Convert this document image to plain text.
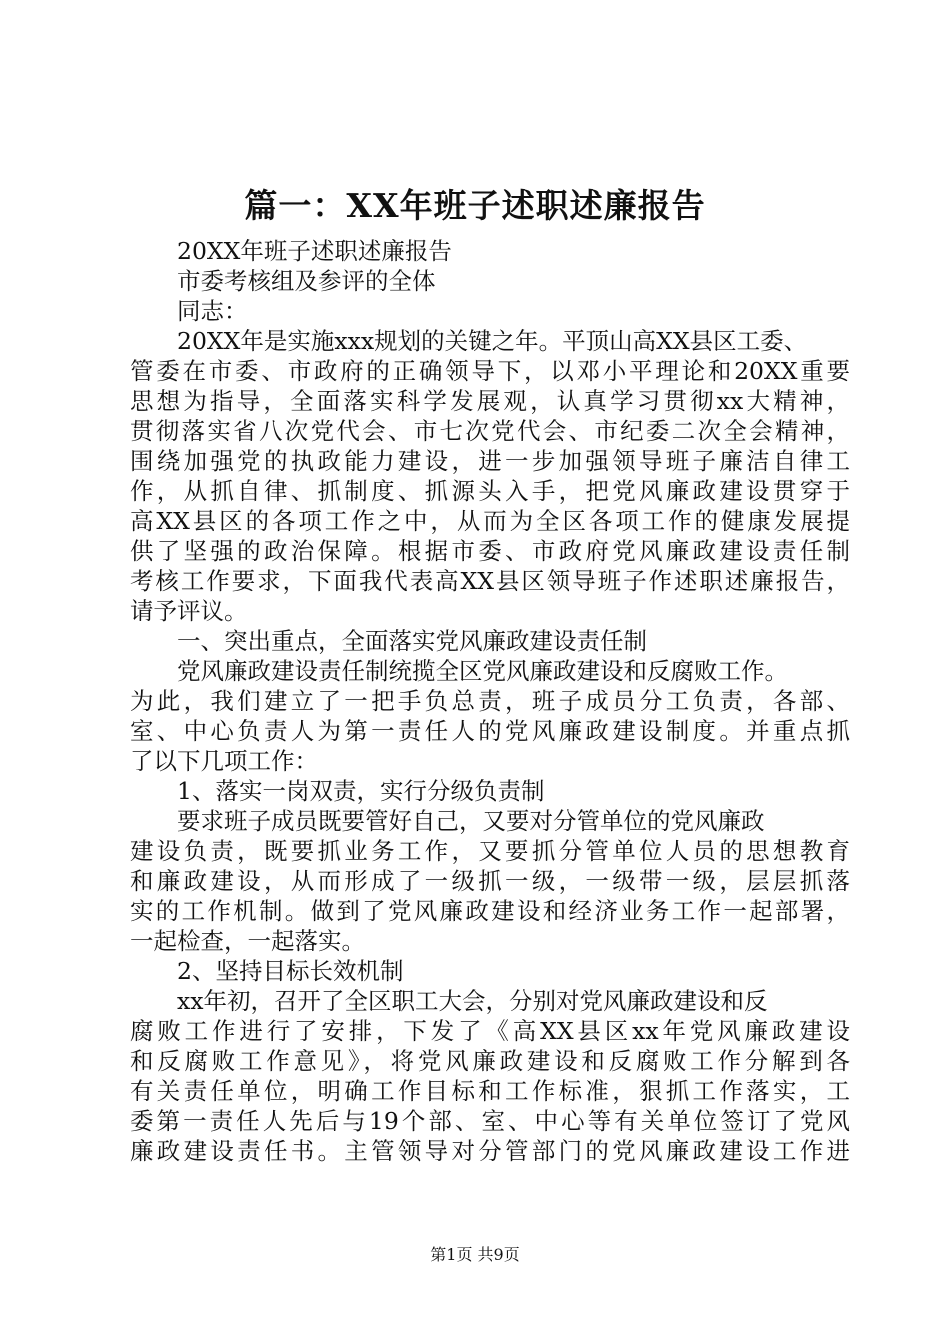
篇一：XX年班子述职述廉报告
20XX年班子述职述廉报告
市委考核组及参评的全体
同志：
20XX年是实施xxx规划的关键之年。平顶山高XX县区工委、
管委在市委、市政府的正确领导下，以邓小平理论和20XX重要
思想为指导，全面落实科学发展观，认真学习贯彻xx大精神，
贯彻落实省八次党代会、市七次党代会、市纪委二次全会精神，
围绕加强党的执政能力建设，进一步加强领导班子廉洁自律工
作，从抓自律、抓制度、抓源头入手，把党风廉政建设贯穿于
高XX县区的各项工作之中，从而为全区各项工作的健康发展提
供了坚强的政治保障。根据市委、市政府党风廉政建设责任制
考核工作要求，下面我代表高XX县区领导班子作述职述廉报告，
请予评议。
一、突出重点，全面落实党风廉政建设责任制
党风廉政建设责任制统揽全区党风廉政建设和反腐败工作。
为此，我们建立了一把手负总责，班子成员分工负责，各部、
室、中心负责人为第一责任人的党风廉政建设制度。并重点抓
了以下几项工作：
1、落实一岗双责，实行分级负责制
要求班子成员既要管好自己，又要对分管单位的党风廉政
建设负责，既要抓业务工作，又要抓分管单位人员的思想教育
和廉政建设，从而形成了一级抓一级，一级带一级，层层抓落
实的工作机制。做到了党风廉政建设和经济业务工作一起部署，
一起检查，一起落实。
2、坚持目标长效机制
xx年初，召开了全区职工大会，分别对党风廉政建设和反
腐败工作进行了安排，下发了《高XX县区xx年党风廉政建设
和反腐败工作意见》，将党风廉政建设和反腐败工作分解到各
有关责任单位，明确工作目标和工作标准，狠抓工作落实，工
委第一责任人先后与19个部、室、中心等有关单位签订了党风
廉政建设责任书。主管领导对分管部门的党风廉政建设工作进
第1页 共9页
